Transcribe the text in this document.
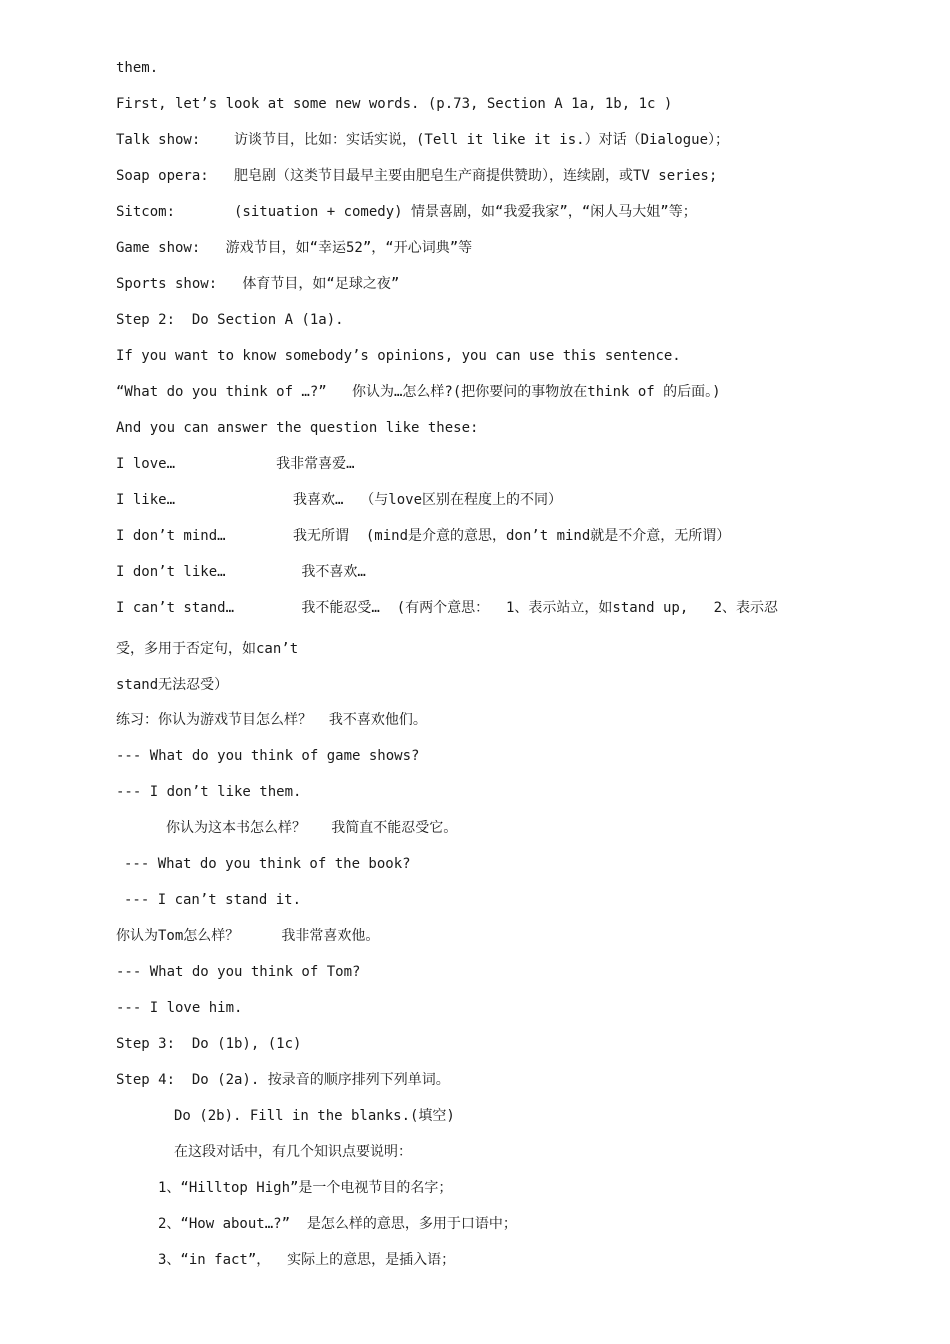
them.
First, let’s look at some new words. (p.73, Section A 1a, 1b, 1c )
Talk show:    访谈节目，比如：实话实说，(Tell it like it is.）对话（Dialogue）；
Soap opera:   肥皂剧（这类节目最早主要由肥皂生产商提供赞助），连续剧，或TV series;
Sitcom:       (situation + comedy) 情景喜剧，如“我爱我家”，“闲人马大姐”等；
Game show:   游戏节目，如“幸运52”，“开心词典”等
Sports show:   体育节目，如“足球之夜”
Step 2:  Do Section A (1a).
If you want to know somebody’s opinions, you can use this sentence.
“What do you think of …?”   你认为…怎么样?(把你要问的事物放在think of 的后面。)
And you can answer the question like these:
I love…            我非常喜爱…
I like…              我喜欢…  （与love区别在程度上的不同）
I don’t mind…        我无所谓  (mind是介意的意思，don’t mind就是不介意，无所谓）
I don’t like…         我不喜欢…
I can’t stand…        我不能忍受…  (有两个意思：  1、表示站立，如stand up,   2、表示忍
受，多用于否定句，如can’t
stand无法忍受）
练习：你认为游戏节目怎么样？  我不喜欢他们。
--- What do you think of game shows?
--- I don’t like them.
你认为这本书怎么样？   我简直不能忍受它。
--- What do you think of the book?
--- I can’t stand it.
你认为Tom怎么样？     我非常喜欢他。
--- What do you think of Tom?
--- I love him.
Step 3:  Do (1b), (1c)
Step 4:  Do (2a). 按录音的顺序排列下列单词。
Do (2b). Fill in the blanks.(填空)
在这段对话中，有几个知识点要说明：
1、“Hilltop High”是一个电视节目的名字；
2、“How about…?”  是怎么样的意思，多用于口语中；
3、“in fact”，  实际上的意思，是插入语；
